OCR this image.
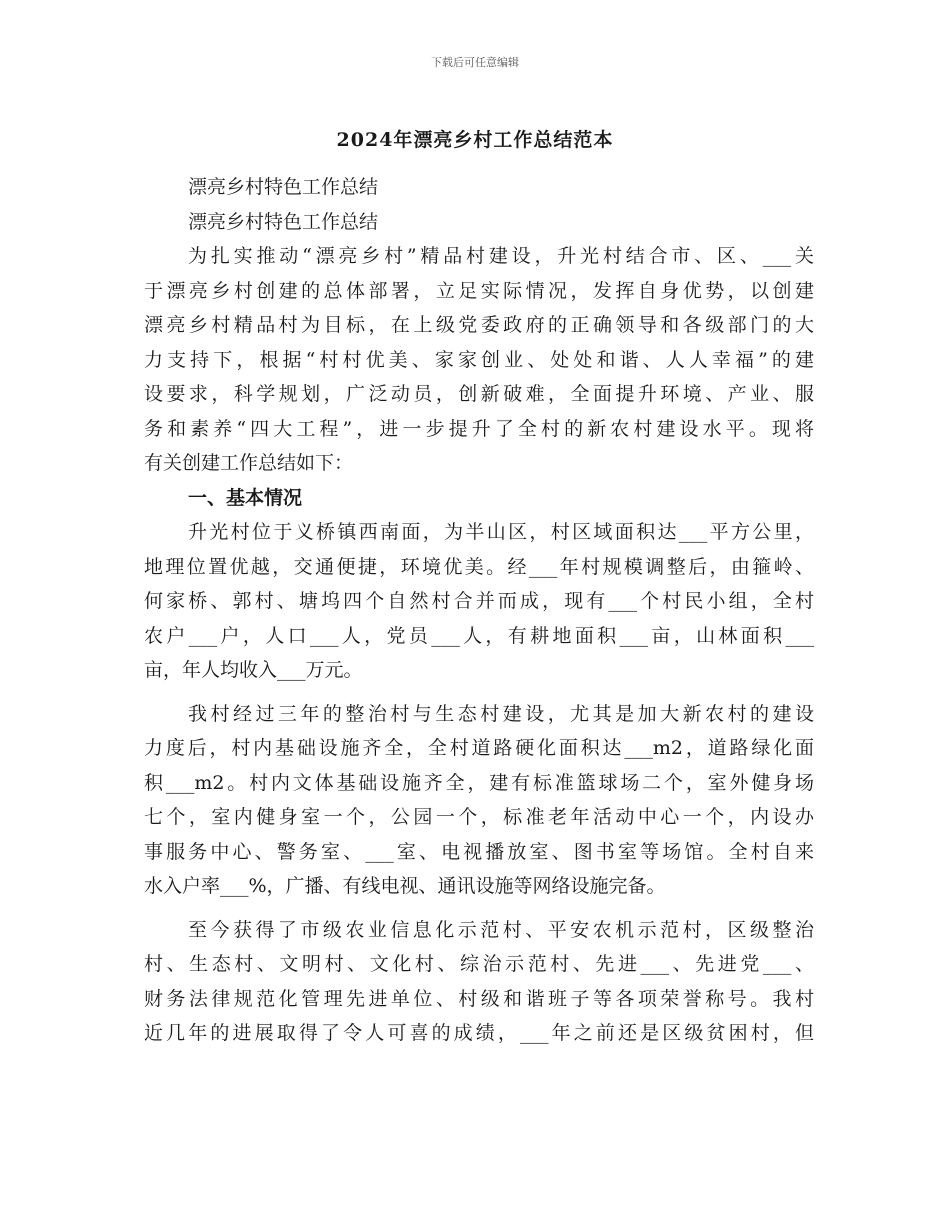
下载后可任意编辑
2024年漂亮乡村工作总结范本
漂亮乡村特色工作总结
漂亮乡村特色工作总结
为扎实推动“漂亮乡村”精品村建设，升光村结合市、区、___关
于漂亮乡村创建的总体部署，立足实际情况，发挥自身优势，以创建
漂亮乡村精品村为目标，在上级党委政府的正确领导和各级部门的大
力支持下，根据“村村优美、家家创业、处处和谐、人人幸福”的建
设要求，科学规划，广泛动员，创新破难，全面提升环境、产业、服
务和素养“四大工程”，进一步提升了全村的新农村建设水平。现将
有关创建工作总结如下：
一、基本情况
升光村位于义桥镇西南面，为半山区，村区域面积达___平方公里，
地理位置优越，交通便捷，环境优美。经___年村规模调整后，由箍岭、
何家桥、郭村、塘坞四个自然村合并而成，现有___个村民小组，全村
农户___户，人口___人，党员___人，有耕地面积___亩，山林面积___
亩，年人均收入___万元。
我村经过三年的整治村与生态村建设，尤其是加大新农村的建设
力度后，村内基础设施齐全，全村道路硬化面积达___m2，道路绿化面
积___m2。村内文体基础设施齐全，建有标准篮球场二个，室外健身场
七个，室内健身室一个，公园一个，标准老年活动中心一个，内设办
事服务中心、警务室、___室、电视播放室、图书室等场馆。全村自来
水入户率___%，广播、有线电视、通讯设施等网络设施完备。
至今获得了市级农业信息化示范村、平安农机示范村，区级整治
村、生态村、文明村、文化村、综治示范村、先进___、先进党___、
财务法律规范化管理先进单位、村级和谐班子等各项荣誉称号。我村
近几年的进展取得了令人可喜的成绩，___年之前还是区级贫困村，但
